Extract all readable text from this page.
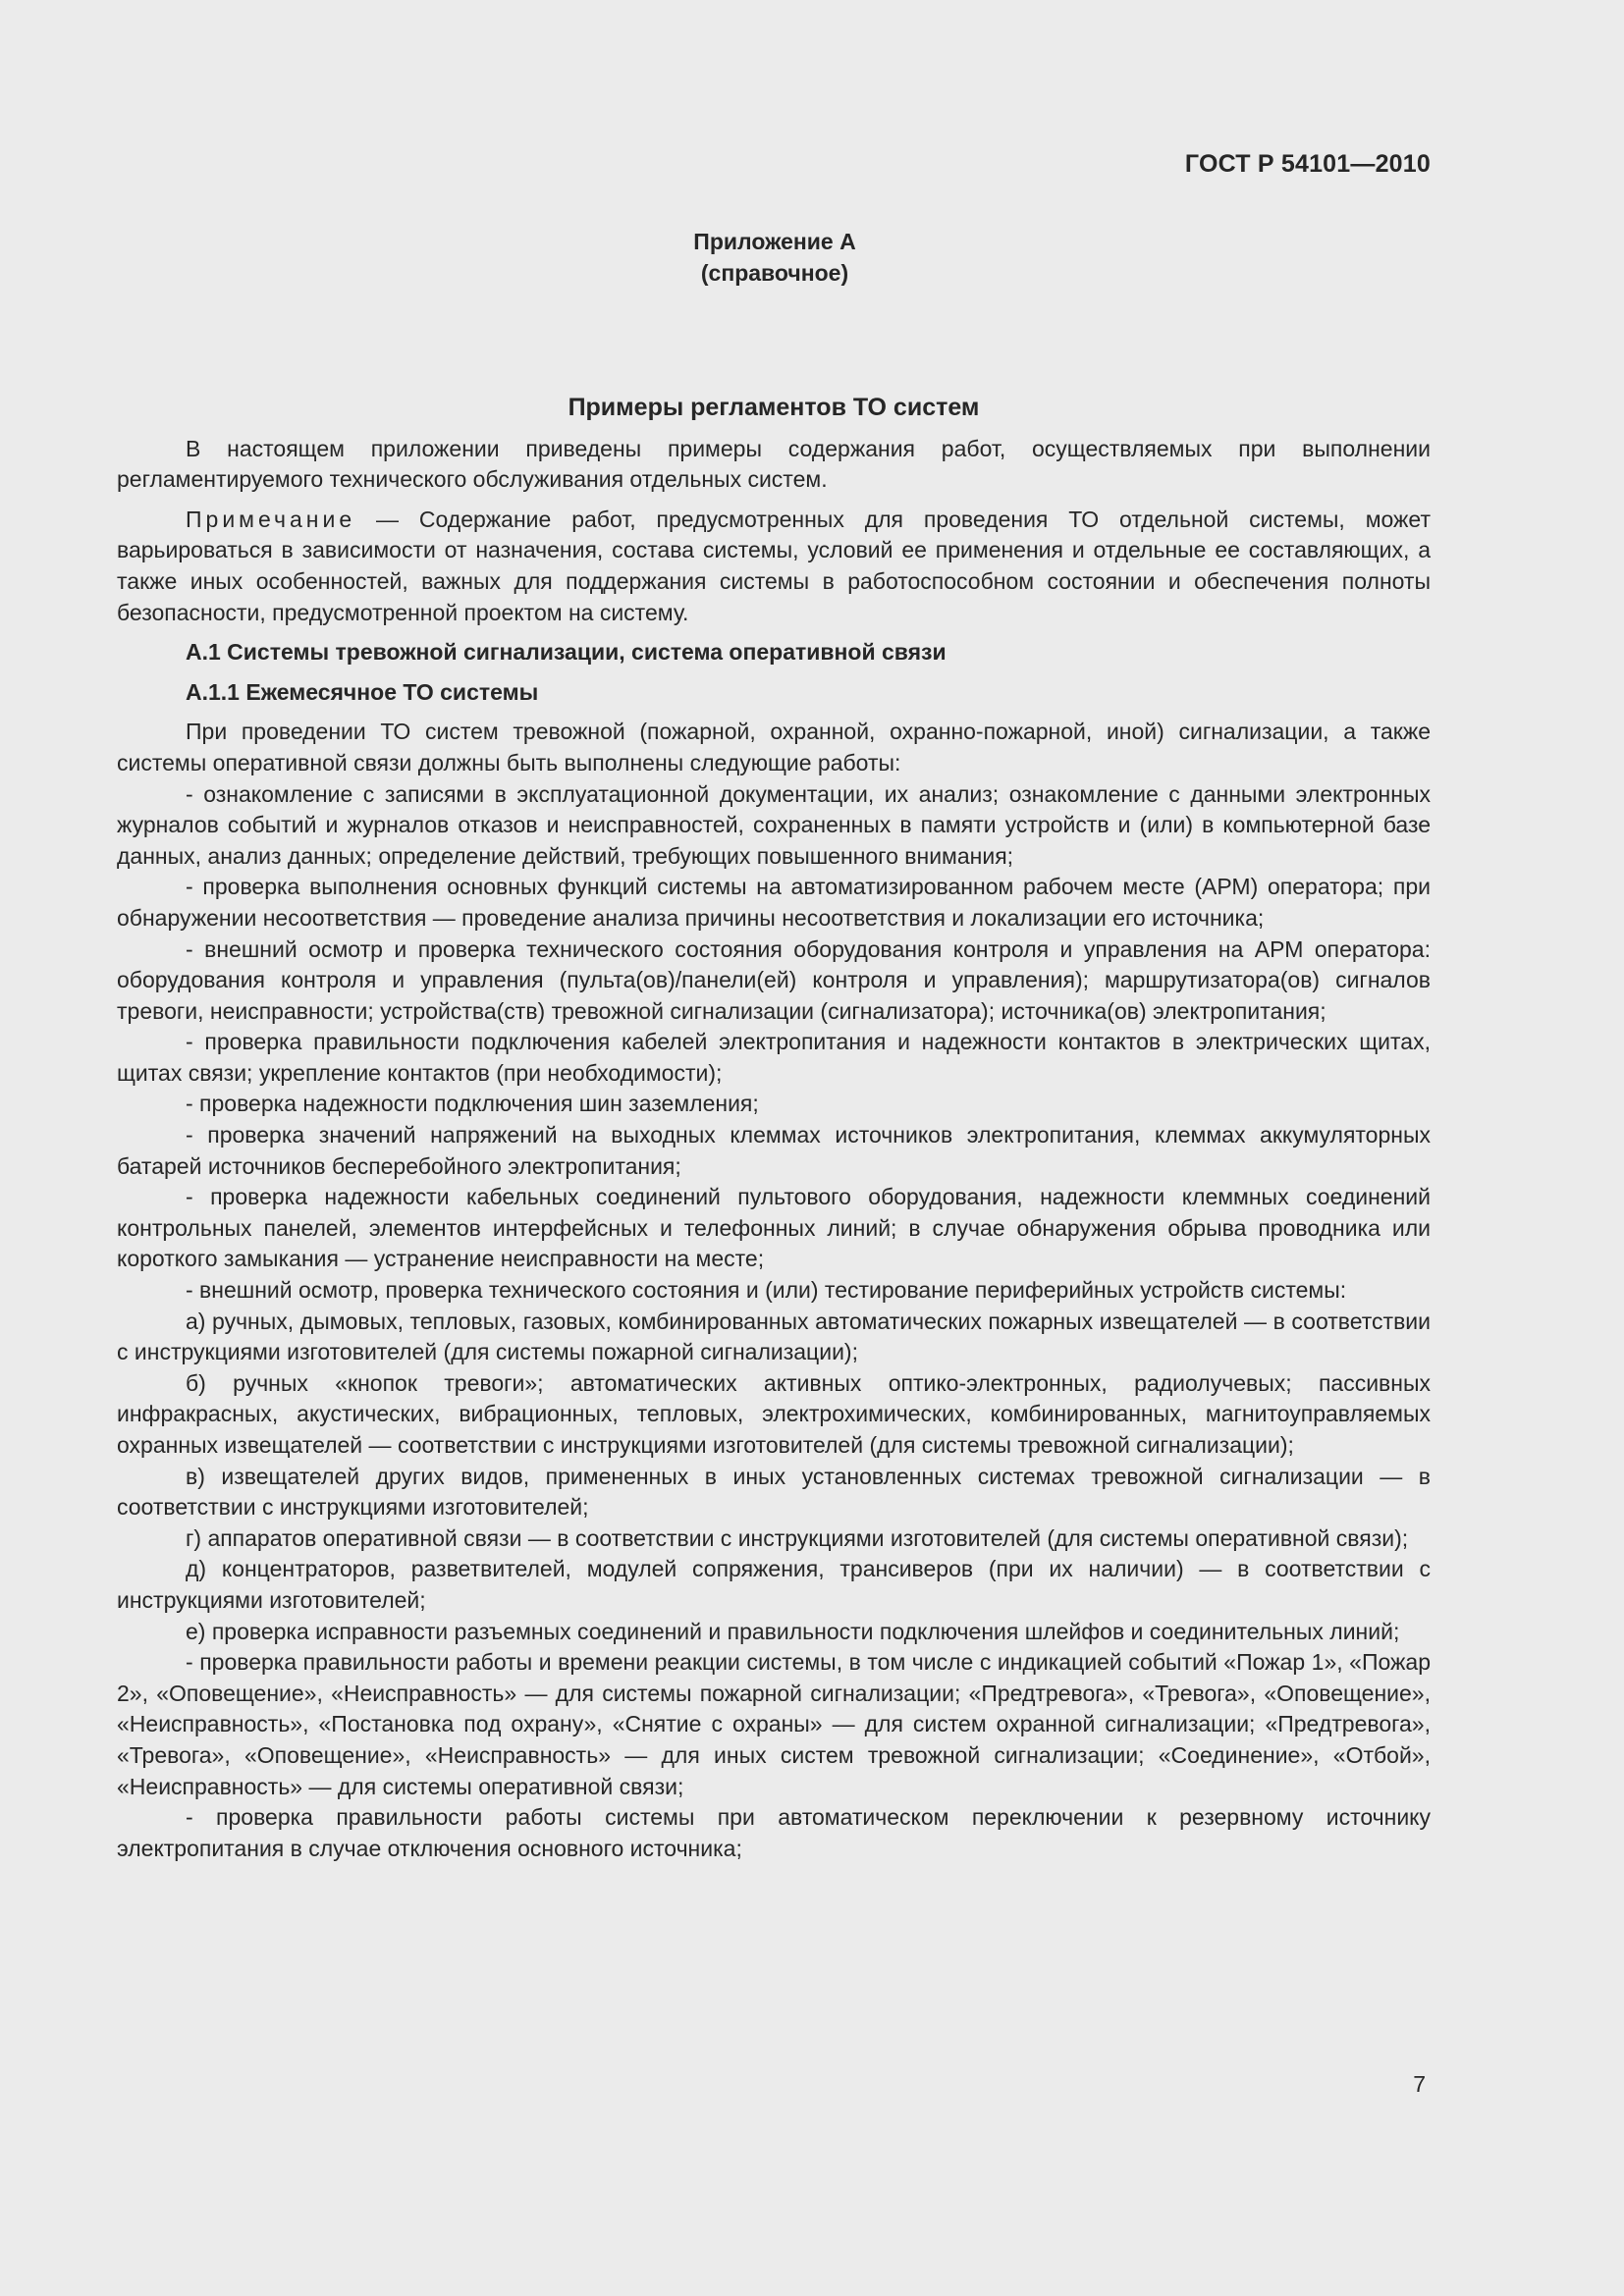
ГОСТ Р 54101—2010
Приложение А
(справочное)
Примеры регламентов ТО систем

В настоящем приложении приведены примеры содержания работ, осуществляемых при выполнении регламентируемого технического обслуживания отдельных систем.

Примечание — Содержание работ, предусмотренных для проведения ТО отдельной системы, может варьироваться в зависимости от назначения, состава системы, условий ее применения и отдельные ее составляющих, а также иных особенностей, важных для поддержания системы в работоспособном состоянии и обеспечения полноты безопасности, предусмотренной проектом на систему.

А.1 Системы тревожной сигнализации, система оперативной связи

А.1.1 Ежемесячное ТО системы

При проведении ТО систем тревожной (пожарной, охранной, охранно-пожарной, иной) сигнализации, а также системы оперативной связи должны быть выполнены следующие работы:

- ознакомление с записями в эксплуатационной документации, их анализ; ознакомление с данными электронных журналов событий и журналов отказов и неисправностей, сохраненных в памяти устройств и (или) в компьютерной базе данных, анализ данных; определение действий, требующих повышенного внимания;

- проверка выполнения основных функций системы на автоматизированном рабочем месте (АРМ) оператора; при обнаружении несоответствия — проведение анализа причины несоответствия и локализации его источника;

- внешний осмотр и проверка технического состояния оборудования контроля и управления на АРМ оператора: оборудования контроля и управления (пульта(ов)/панели(ей) контроля и управления); маршрутизатора(ов) сигналов тревоги, неисправности; устройства(ств) тревожной сигнализации (сигнализатора); источника(ов) электропитания;

- проверка правильности подключения кабелей электропитания и надежности контактов в электрических щитах, щитах связи; укрепление контактов (при необходимости);

- проверка надежности подключения шин заземления;

- проверка значений напряжений на выходных клеммах источников электропитания, клеммах аккумуляторных батарей источников бесперебойного электропитания;

- проверка надежности кабельных соединений пультового оборудования, надежности клеммных соединений контрольных панелей, элементов интерфейсных и телефонных линий; в случае обнаружения обрыва проводника или короткого замыкания — устранение неисправности на месте;

- внешний осмотр, проверка технического состояния и (или) тестирование периферийных устройств системы:

а) ручных, дымовых, тепловых, газовых, комбинированных автоматических пожарных извещателей — в соответствии с инструкциями изготовителей (для системы пожарной сигнализации);

б) ручных «кнопок тревоги»; автоматических активных оптико-электронных, радиолучевых; пассивных инфракрасных, акустических, вибрационных, тепловых, электрохимических, комбинированных, магнитоуправляемых охранных извещателей — соответствии с инструкциями изготовителей (для системы тревожной сигнализации);

в) извещателей других видов, примененных в иных установленных системах тревожной сигнализации — в соответствии с инструкциями изготовителей;

г) аппаратов оперативной связи — в соответствии с инструкциями изготовителей (для системы оперативной связи);

д) концентраторов, разветвителей, модулей сопряжения, трансиверов (при их наличии) — в соответствии с инструкциями изготовителей;

е) проверка исправности разъемных соединений и правильности подключения шлейфов и соединительных линий;

- проверка правильности работы и времени реакции системы, в том числе с индикацией событий «Пожар 1», «Пожар 2», «Оповещение», «Неисправность» — для системы пожарной сигнализации; «Предтревога», «Тревога», «Оповещение», «Неисправность», «Постановка под охрану», «Снятие с охраны» — для систем охранной сигнализации; «Предтревога», «Тревога», «Оповещение», «Неисправность» — для иных систем тревожной сигнализации; «Соединение», «Отбой», «Неисправность» — для системы оперативной связи;

- проверка правильности работы системы при автоматическом переключении к резервному источнику электропитания в случае отключения основного источника;

7
